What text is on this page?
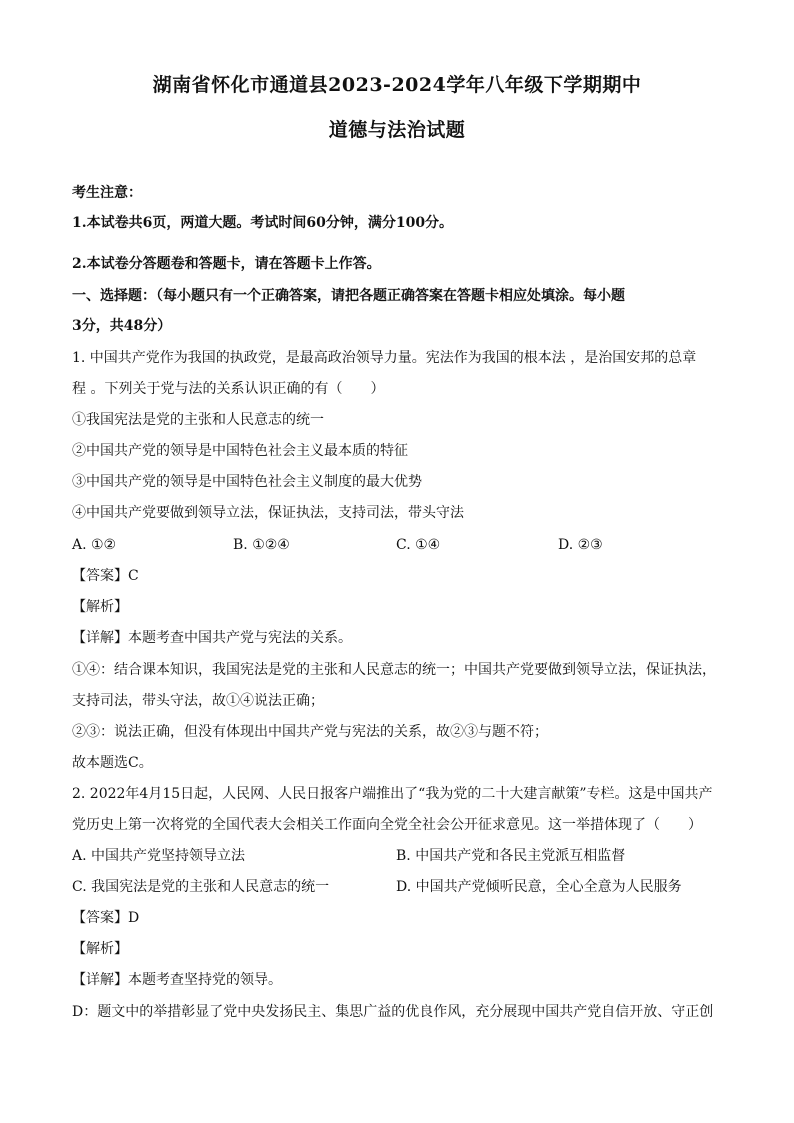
湖南省怀化市通道县2023-2024学年八年级下学期期中
道德与法治试题
考生注意：
1.本试卷共6页，两道大题。考试时间60分钟，满分100分。
2.本试卷分答题卷和答题卡，请在答题卡上作答。
一、选择题：（每小题只有一个正确答案，请把各题正确答案在答题卡相应处填涂。每小题
3分，共48分）
1. 中国共产党作为我国的执政党，是最高政治领导力量。宪法作为我国的根本法 ，是治国安邦的总章
程 。下列关于党与法的关系认识正确的有（　　）
①我国宪法是党的主张和人民意志的统一
②中国共产党的领导是中国特色社会主义最本质的特征
③中国共产党的领导是中国特色社会主义制度的最大优势
④中国共产党要做到领导立法，保证执法，支持司法，带头守法
A. ①②	B. ①②④	C. ①④	D. ②③
【答案】C
【解析】
【详解】本题考查中国共产党与宪法的关系。
①④：结合课本知识，我国宪法是党的主张和人民意志的统一；中国共产党要做到领导立法，保证执法，
支持司法，带头守法，故①④说法正确；
②③：说法正确，但没有体现出中国共产党与宪法的关系，故②③与题不符；
故本题选C。
2. 2022年4月15日起，人民网、人民日报客户端推出了“我为党的二十大建言献策”专栏。这是中国共产
党历史上第一次将党的全国代表大会相关工作面向全党全社会公开征求意见。这一举措体现了（　　）
A. 中国共产党坚持领导立法	B. 中国共产党和各民主党派互相监督
C. 我国宪法是党的主张和人民意志的统一	D. 中国共产党倾听民意，全心全意为人民服务
【答案】D
【解析】
【详解】本题考查坚持党的领导。
D：题文中的举措彰显了党中央发扬民主、集思广益的优良作风，充分展现中国共产党自信开放、守正创
